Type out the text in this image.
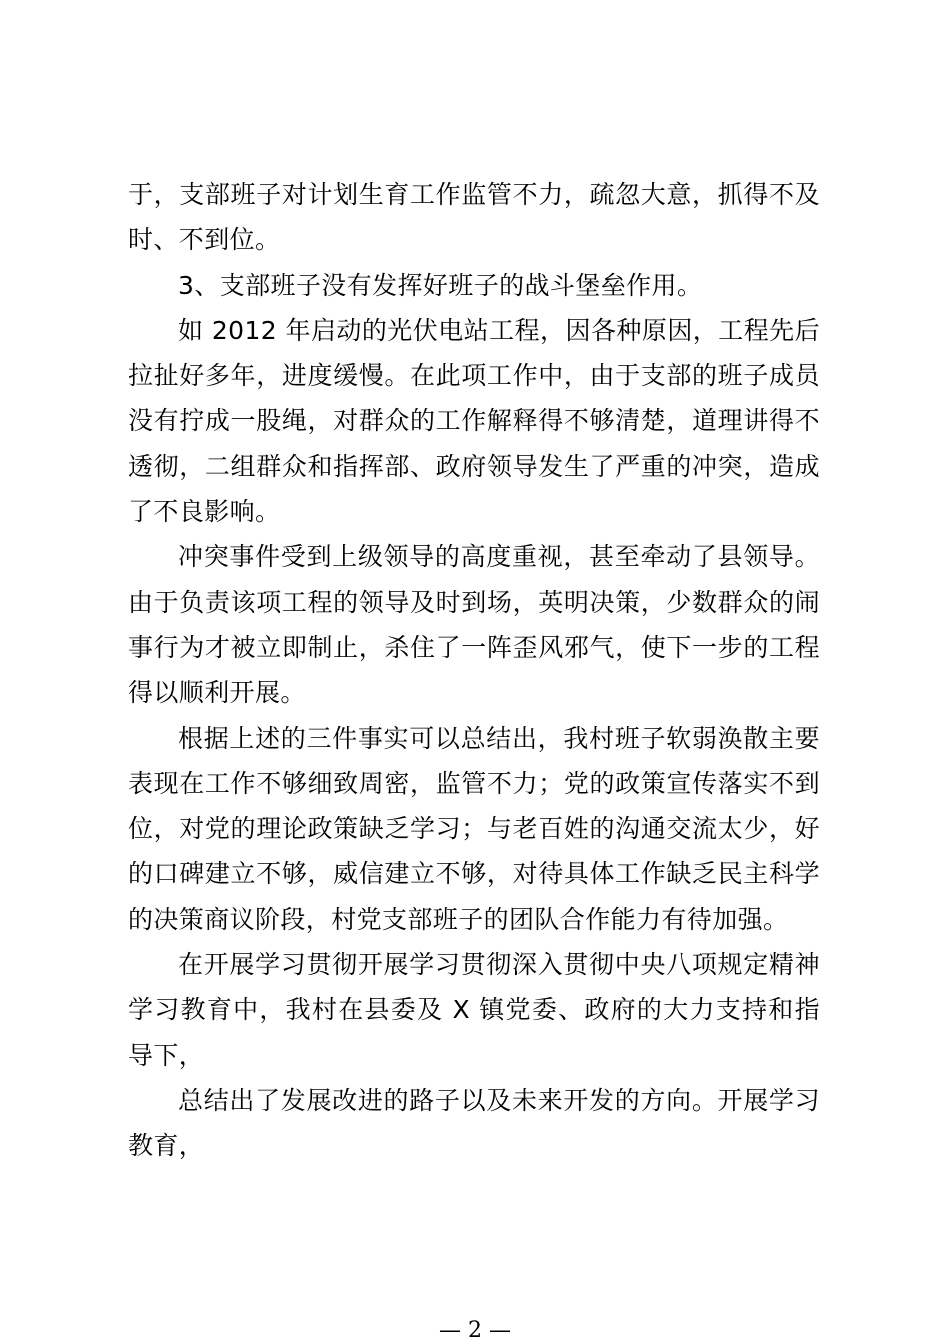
于，支部班子对计划生育工作监管不力，疏忽大意，抓得不及时、不到位。

3、支部班子没有发挥好班子的战斗堡垒作用。

如 2012 年启动的光伏电站工程，因各种原因，工程先后拉扯好多年，进度缓慢。在此项工作中，由于支部的班子成员没有拧成一股绳，对群众的工作解释得不够清楚，道理讲得不透彻，二组群众和指挥部、政府领导发生了严重的冲突，造成了不良影响。

冲突事件受到上级领导的高度重视，甚至牵动了县领导。由于负责该项工程的领导及时到场，英明决策，少数群众的闹事行为才被立即制止，杀住了一阵歪风邪气，使下一步的工程得以顺利开展。

根据上述的三件事实可以总结出，我村班子软弱涣散主要表现在工作不够细致周密，监管不力；党的政策宣传落实不到位，对党的理论政策缺乏学习；与老百姓的沟通交流太少，好的口碑建立不够，威信建立不够，对待具体工作缺乏民主科学的决策商议阶段，村党支部班子的团队合作能力有待加强。

在开展学习贯彻开展学习贯彻深入贯彻中央八项规定精神学习教育中，我村在县委及 X 镇党委、政府的大力支持和指导下，

总结出了发展改进的路子以及未来开发的方向。开展学习教育，

— 2 —
